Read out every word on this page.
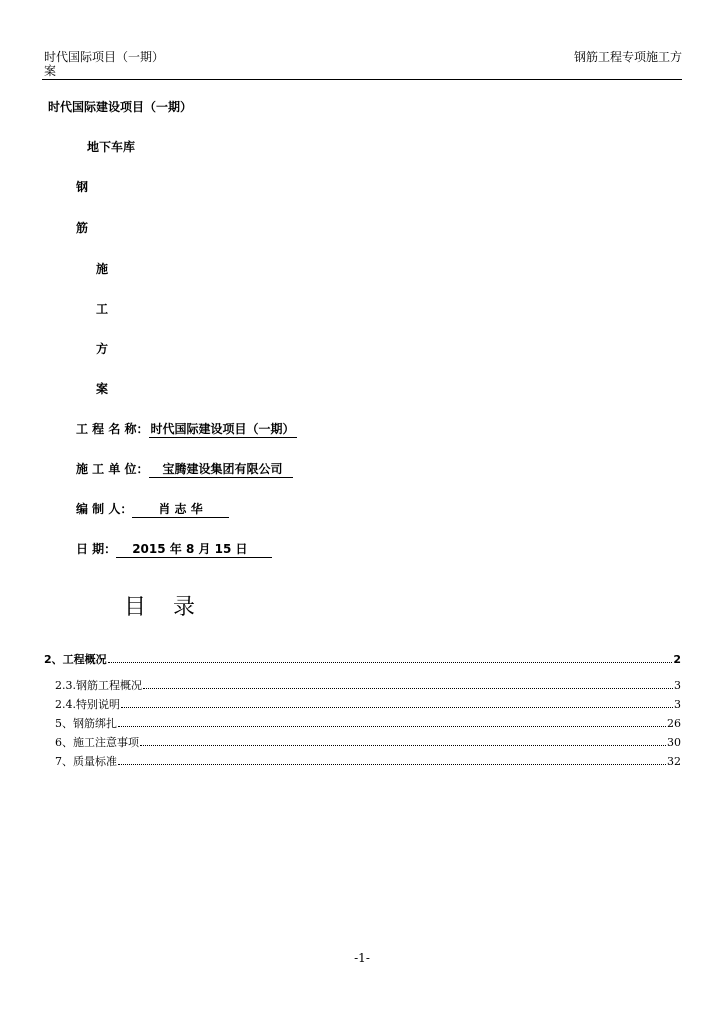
时代国际项目（一期）
案
钢筋工程专项施工方
时代国际建设项目（一期）
地下车库
钢
筋
施
工
方
案
工 程 名 称： 时代国际建设项目（一期）
施 工 单 位： 宝腾建设集团有限公司
编 制 人： 肖 志 华
日 期： 2015 年 8 月 15 日
目 录
2、工程概况	2
2.3.钢筋工程概况	3
2.4.特别说明	3
5、钢筋绑扎	26
6、施工注意事项	30
7、质量标准	32
-1-
